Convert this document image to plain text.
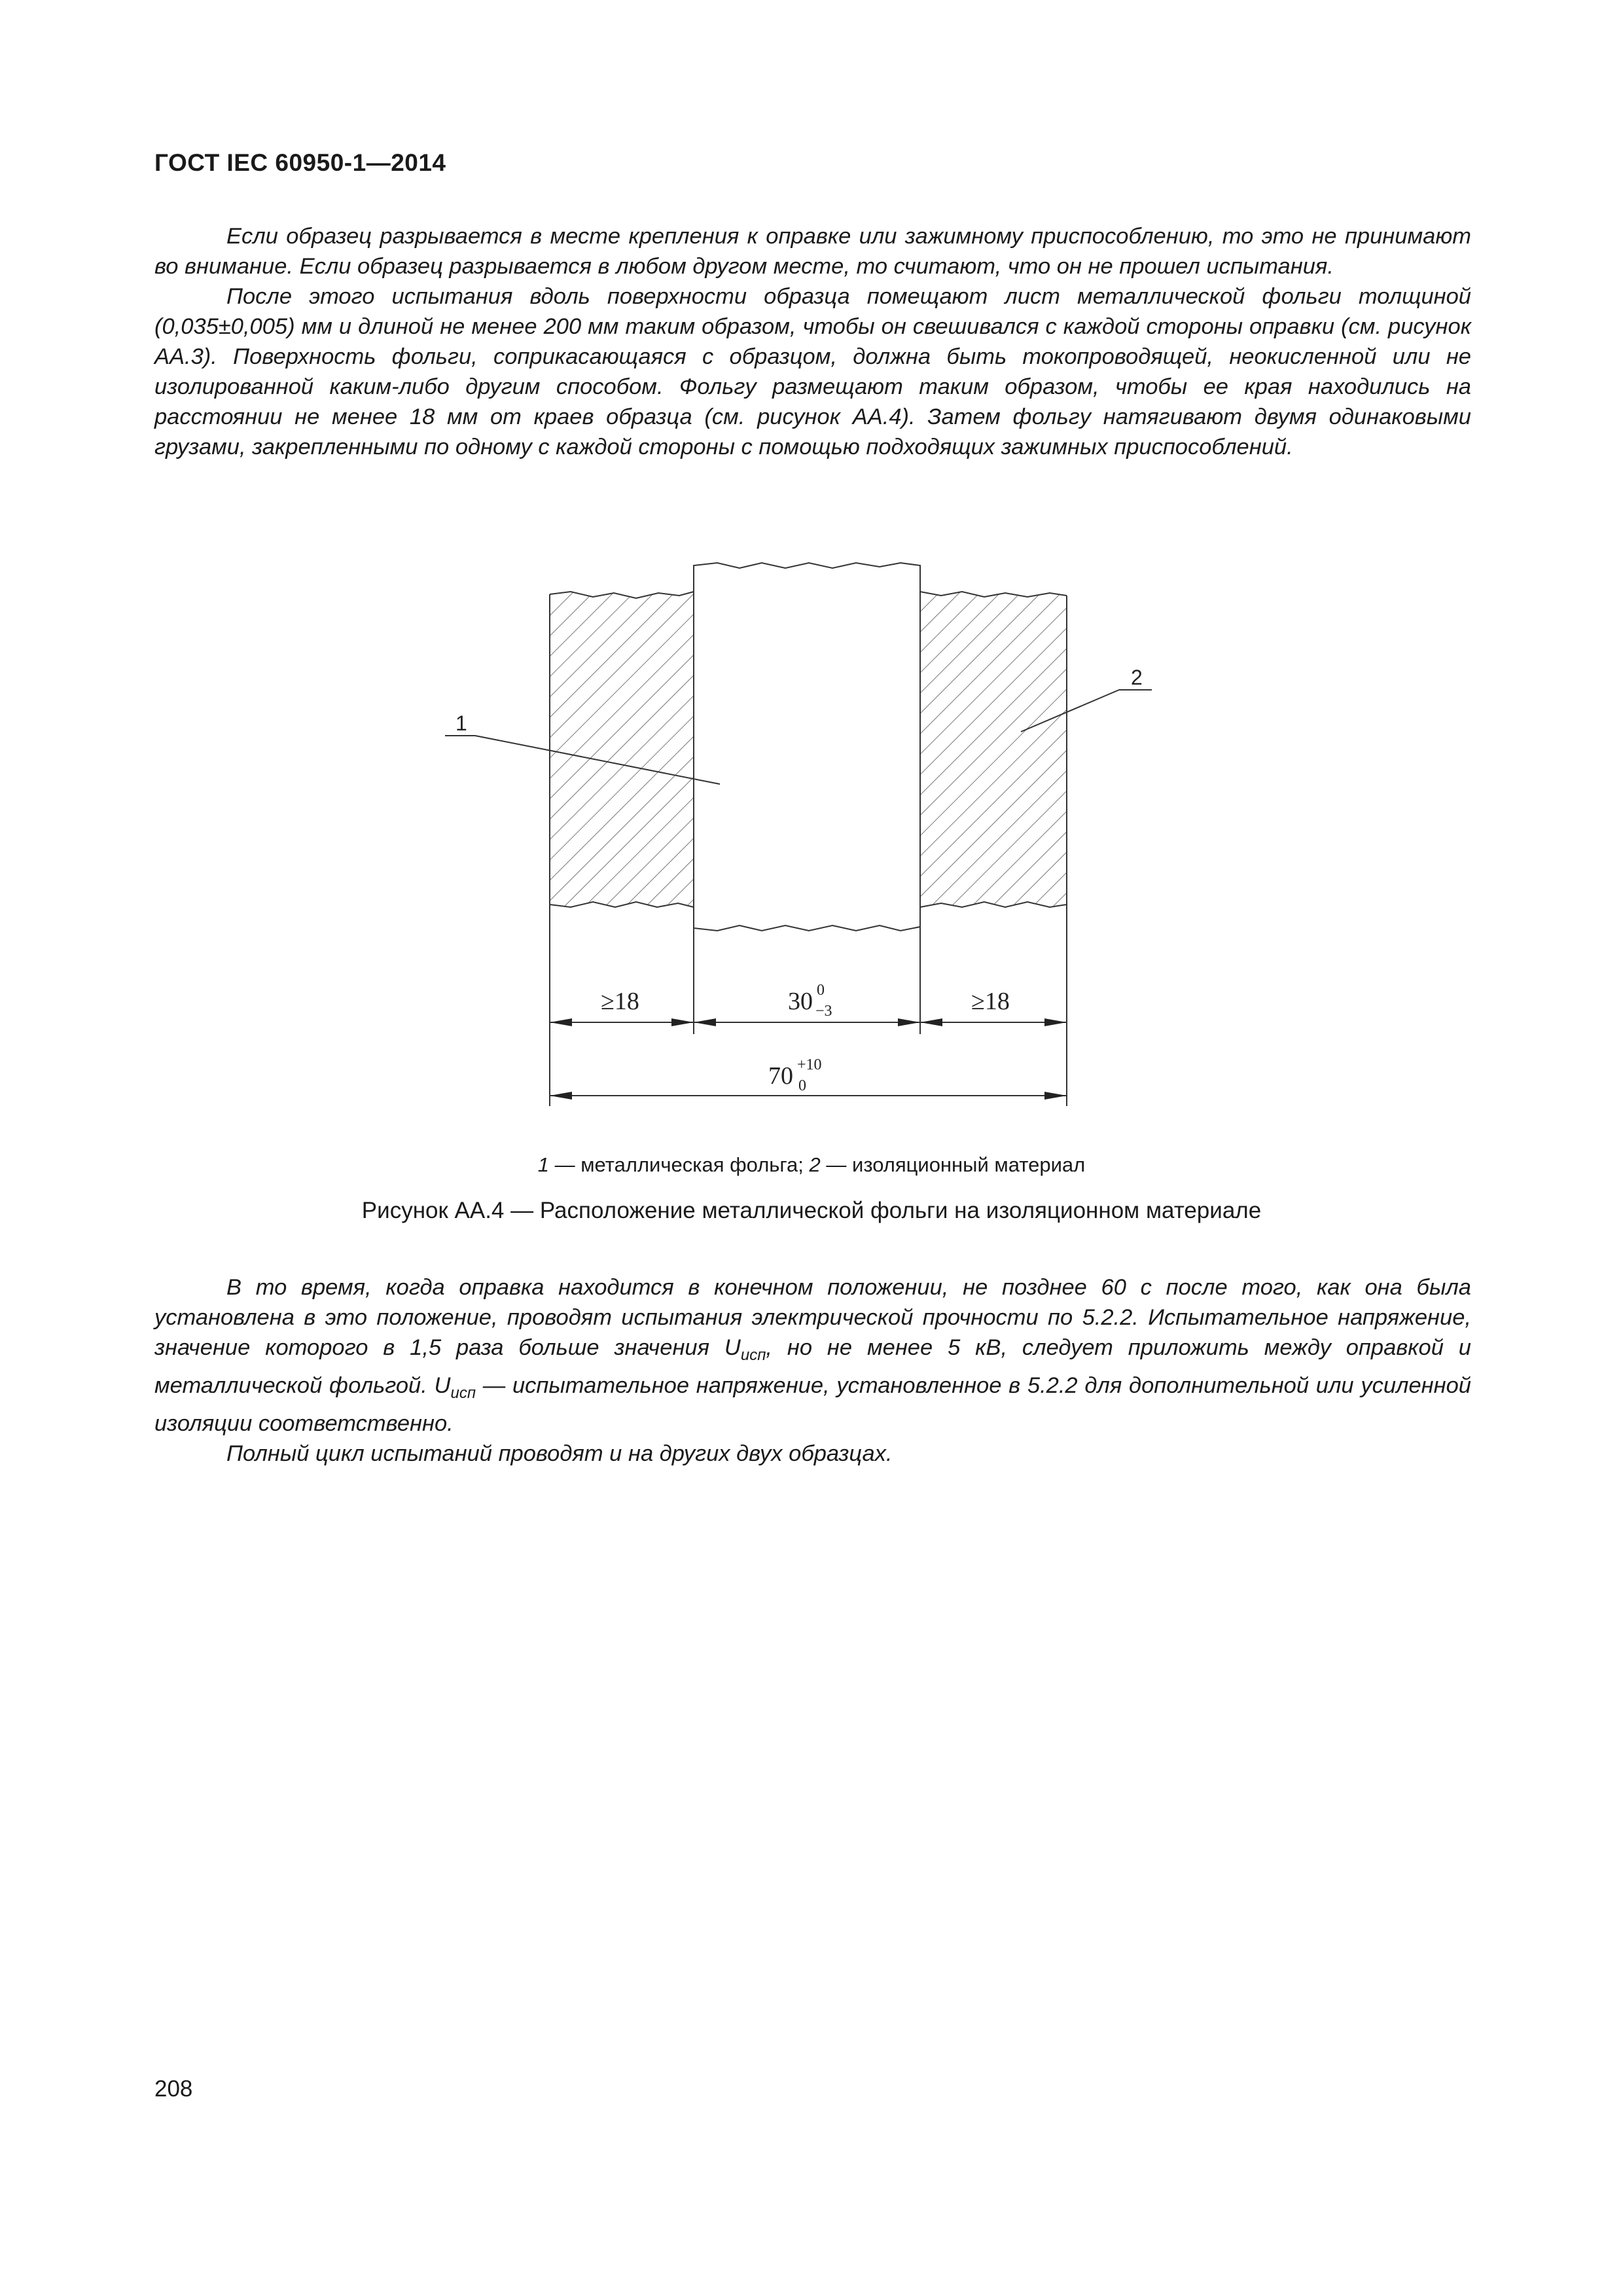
ГОСТ IEC 60950-1—2014

Если образец разрывается в месте крепления к оправке или зажимному приспособлению, то это не принимают во внимание. Если образец разрывается в любом другом месте, то считают, что он не прошел испытания.

После этого испытания вдоль поверхности образца помещают лист металлической фольги толщиной (0,035±0,005) мм и длиной не менее 200 мм таким образом, чтобы он свешивался с каждой стороны оправки (см. рисунок АА.3). Поверхность фольги, соприкасающаяся с образцом, должна быть токопроводящей, неокисленной или не изолированной каким-либо другим способом. Фольгу размещают таким образом, чтобы ее края находились на расстоянии не менее 18 мм от краев образца (см. рисунок АА.4). Затем фольгу натягивают двумя одинаковыми грузами, закрепленными по одному с каждой стороны с помощью подходящих зажимных приспособлений.

≥18	≥18
30 0
−3
70 +10
0
1
2
1 — металлическая фольга; 2 — изоляционный материал
Рисунок АА.4 — Расположение металлической фольги на изоляционном материале

В то время, когда оправка находится в конечном положении, не позднее 60 с после того, как она была установлена в это положение, проводят испытания электрической прочности по 5.2.2. Испытательное напряжение, значение которого в 1,5 раза больше значения $U_{исп}$, но не менее 5 кВ, следует приложить между оправкой и металлической фольгой. $U_{исп}$ — испытательное напряжение, установленное в 5.2.2 для дополнительной или усиленной изоляции соответственно.

Полный цикл испытаний проводят и на других двух образцах.

208
